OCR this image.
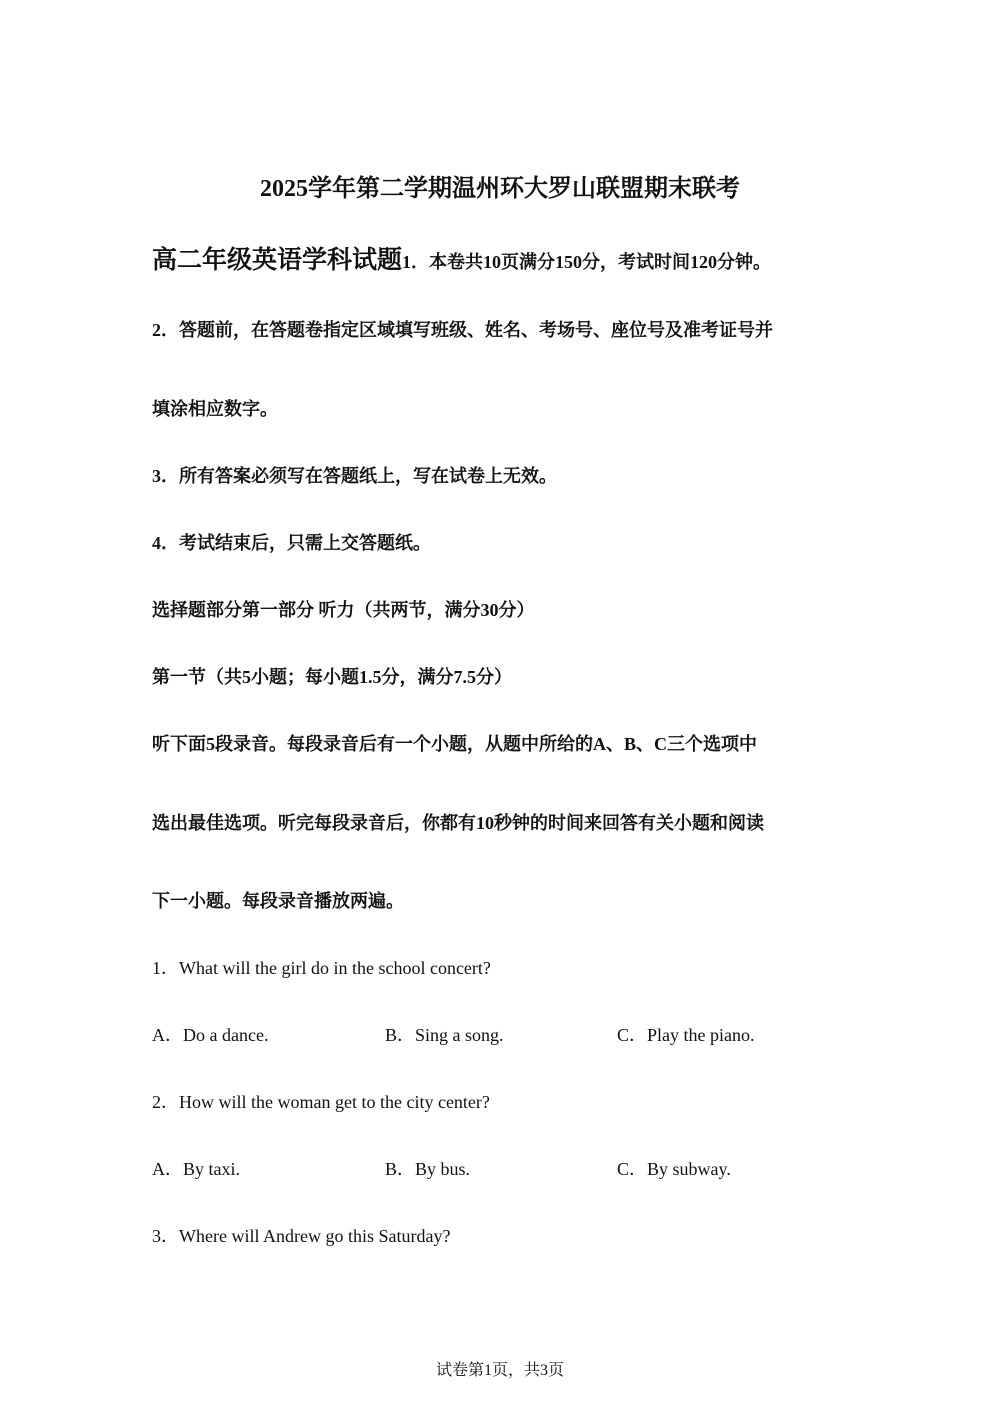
2025学年第二学期温州环大罗山联盟期末联考

高二年级英语学科试题1．本卷共10页满分150分，考试时间120分钟。

2．答题前，在答题卷指定区域填写班级、姓名、考场号、座位号及准考证号并

填涂相应数字。

3．所有答案必须写在答题纸上，写在试卷上无效。

4．考试结束后，只需上交答题纸。

选择题部分第一部分 听力（共两节，满分30分）

第一节（共5小题；每小题1.5分，满分7.5分）

听下面5段录音。每段录音后有一个小题，从题中所给的A、B、C三个选项中

选出最佳选项。听完每段录音后，你都有10秒钟的时间来回答有关小题和阅读

下一小题。每段录音播放两遍。

1．What will the girl do in the school concert?

A．Do a dance.	B．Sing a song.	C．Play the piano.

2．How will the woman get to the city center?

A．By taxi.	B．By bus.	C．By subway.

3．Where will Andrew go this Saturday?

试卷第1页，共3页
